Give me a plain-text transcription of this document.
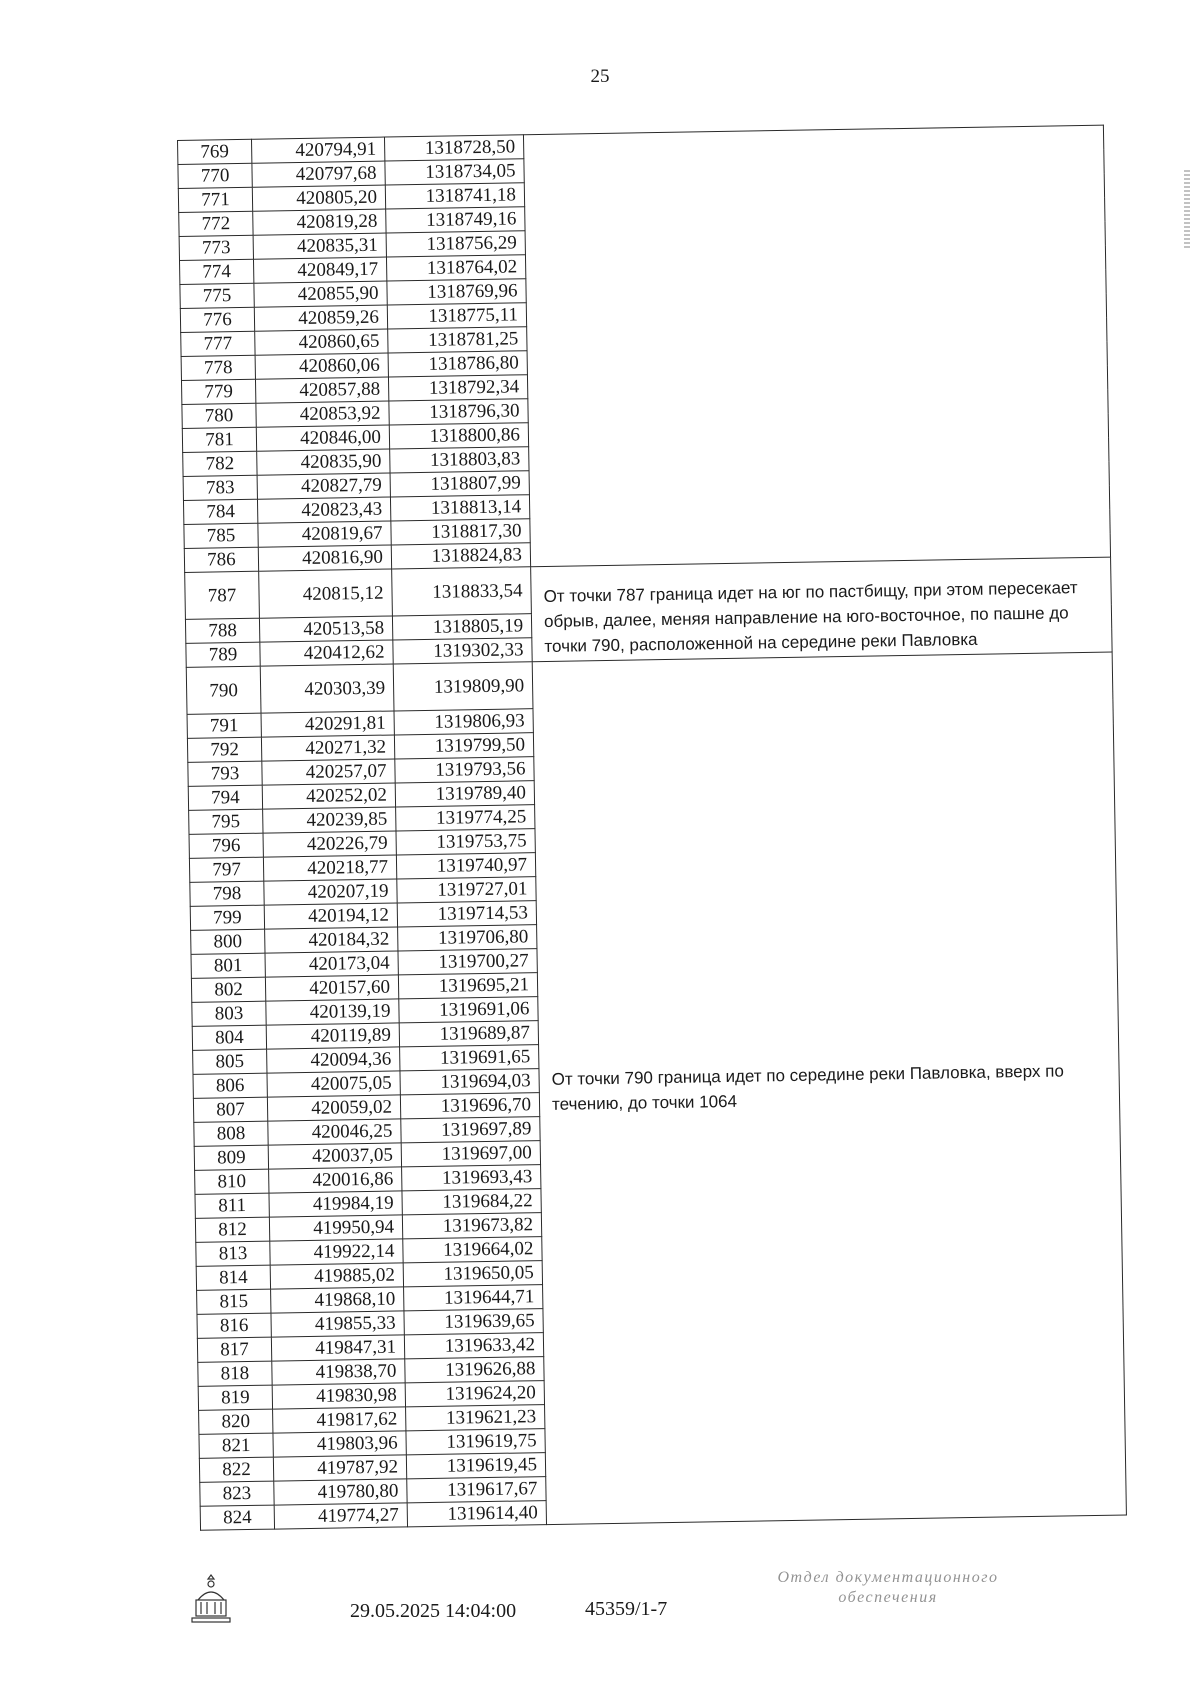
25
769	420794,91	1318728,50	
770	420797,68	1318734,05	
771	420805,20	1318741,18	
772	420819,28	1318749,16	
773	420835,31	1318756,29	
774	420849,17	1318764,02	
775	420855,90	1318769,96	
776	420859,26	1318775,11	
777	420860,65	1318781,25	
778	420860,06	1318786,80	
779	420857,88	1318792,34	
780	420853,92	1318796,30	
781	420846,00	1318800,86	
782	420835,90	1318803,83	
783	420827,79	1318807,99	
784	420823,43	1318813,14	
785	420819,67	1318817,30	
786	420816,90	1318824,83	
787	420815,12	1318833,54	От точки 787 граница идет на юг по пастбищу, при этом пересекает обрыв, далее, меняя направление на юго-восточное, по пашне до точки 790, расположенной на середине реки Павловка
788	420513,58	1318805,19	
789	420412,62	1319302,33	
790	420303,39	1319809,90	От точки 790 граница идет по середине реки Павловка, вверх по течению, до точки 1064
791	420291,81	1319806,93	
792	420271,32	1319799,50	
793	420257,07	1319793,56	
794	420252,02	1319789,40	
795	420239,85	1319774,25	
796	420226,79	1319753,75	
797	420218,77	1319740,97	
798	420207,19	1319727,01	
799	420194,12	1319714,53	
800	420184,32	1319706,80	
801	420173,04	1319700,27	
802	420157,60	1319695,21	
803	420139,19	1319691,06	
804	420119,89	1319689,87	
805	420094,36	1319691,65	
806	420075,05	1319694,03	
807	420059,02	1319696,70	
808	420046,25	1319697,89	
809	420037,05	1319697,00	
810	420016,86	1319693,43	
811	419984,19	1319684,22	
812	419950,94	1319673,82	
813	419922,14	1319664,02	
814	419885,02	1319650,05	
815	419868,10	1319644,71	
816	419855,33	1319639,65	
817	419847,31	1319633,42	
818	419838,70	1319626,88	
819	419830,98	1319624,20	
820	419817,62	1319621,23	
821	419803,96	1319619,75	
822	419787,92	1319619,45	
823	419780,80	1319617,67	
824	419774,27	1319614,40	
29.05.2025 14:04:00	45359/1-7
Отдел документационного
обеспечения
